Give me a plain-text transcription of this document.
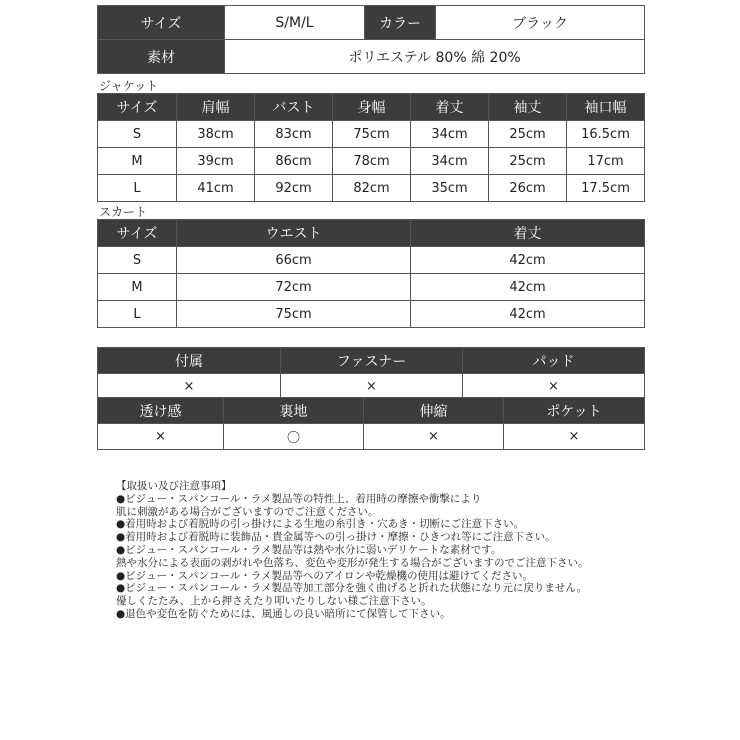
サイズ	S/M/L	カラー	ブラック
素材	ポリエステル 80% 綿 20%		
ジャケット
サイズ	肩幅	バスト	身幅	着丈	袖丈	袖口幅
S	38cm	83cm	75cm	34cm	25cm	16.5cm
M	39cm	86cm	78cm	34cm	25cm	17cm
L	41cm	92cm	82cm	35cm	26cm	17.5cm
スカート
サイズ	ウエスト	着丈
S	66cm	42cm
M	72cm	42cm
L	75cm	42cm
付属	ファスナー	パッド
×	×	×
透け感	裏地	伸縮	ポケット
×	〇	×	×
【取扱い及び注意事項】
●ビジュー・スパンコール・ラメ製品等の特性上、着用時の摩擦や衝撃により
肌に刺激がある場合がございますのでご注意ください。
●着用時および着脱時の引っ掛けによる生地の糸引き・穴あき・切断にご注意下さい。
●着用時および着脱時に装飾品・貴金属等への引っ掛け・摩擦・ひきつれ等にご注意下さい。
●ビジュー・スパンコール・ラメ製品等は熱や水分に弱いデリケートな素材です。
熱や水分による表面の剥がれや色落ち、変色や変形が発生する場合がございますのでご注意下さい。
●ビジュー・スパンコール・ラメ製品等へのアイロンや乾燥機の使用は避けてください。
●ビジュー・スパンコール・ラメ製品等加工部分を強く曲げると折れた状態になり元に戻りません。
優しくたたみ、上から押さえたり叩いたりしない様ご注意下さい。
●退色や変色を防ぐためには、風通しの良い暗所にて保管して下さい。
